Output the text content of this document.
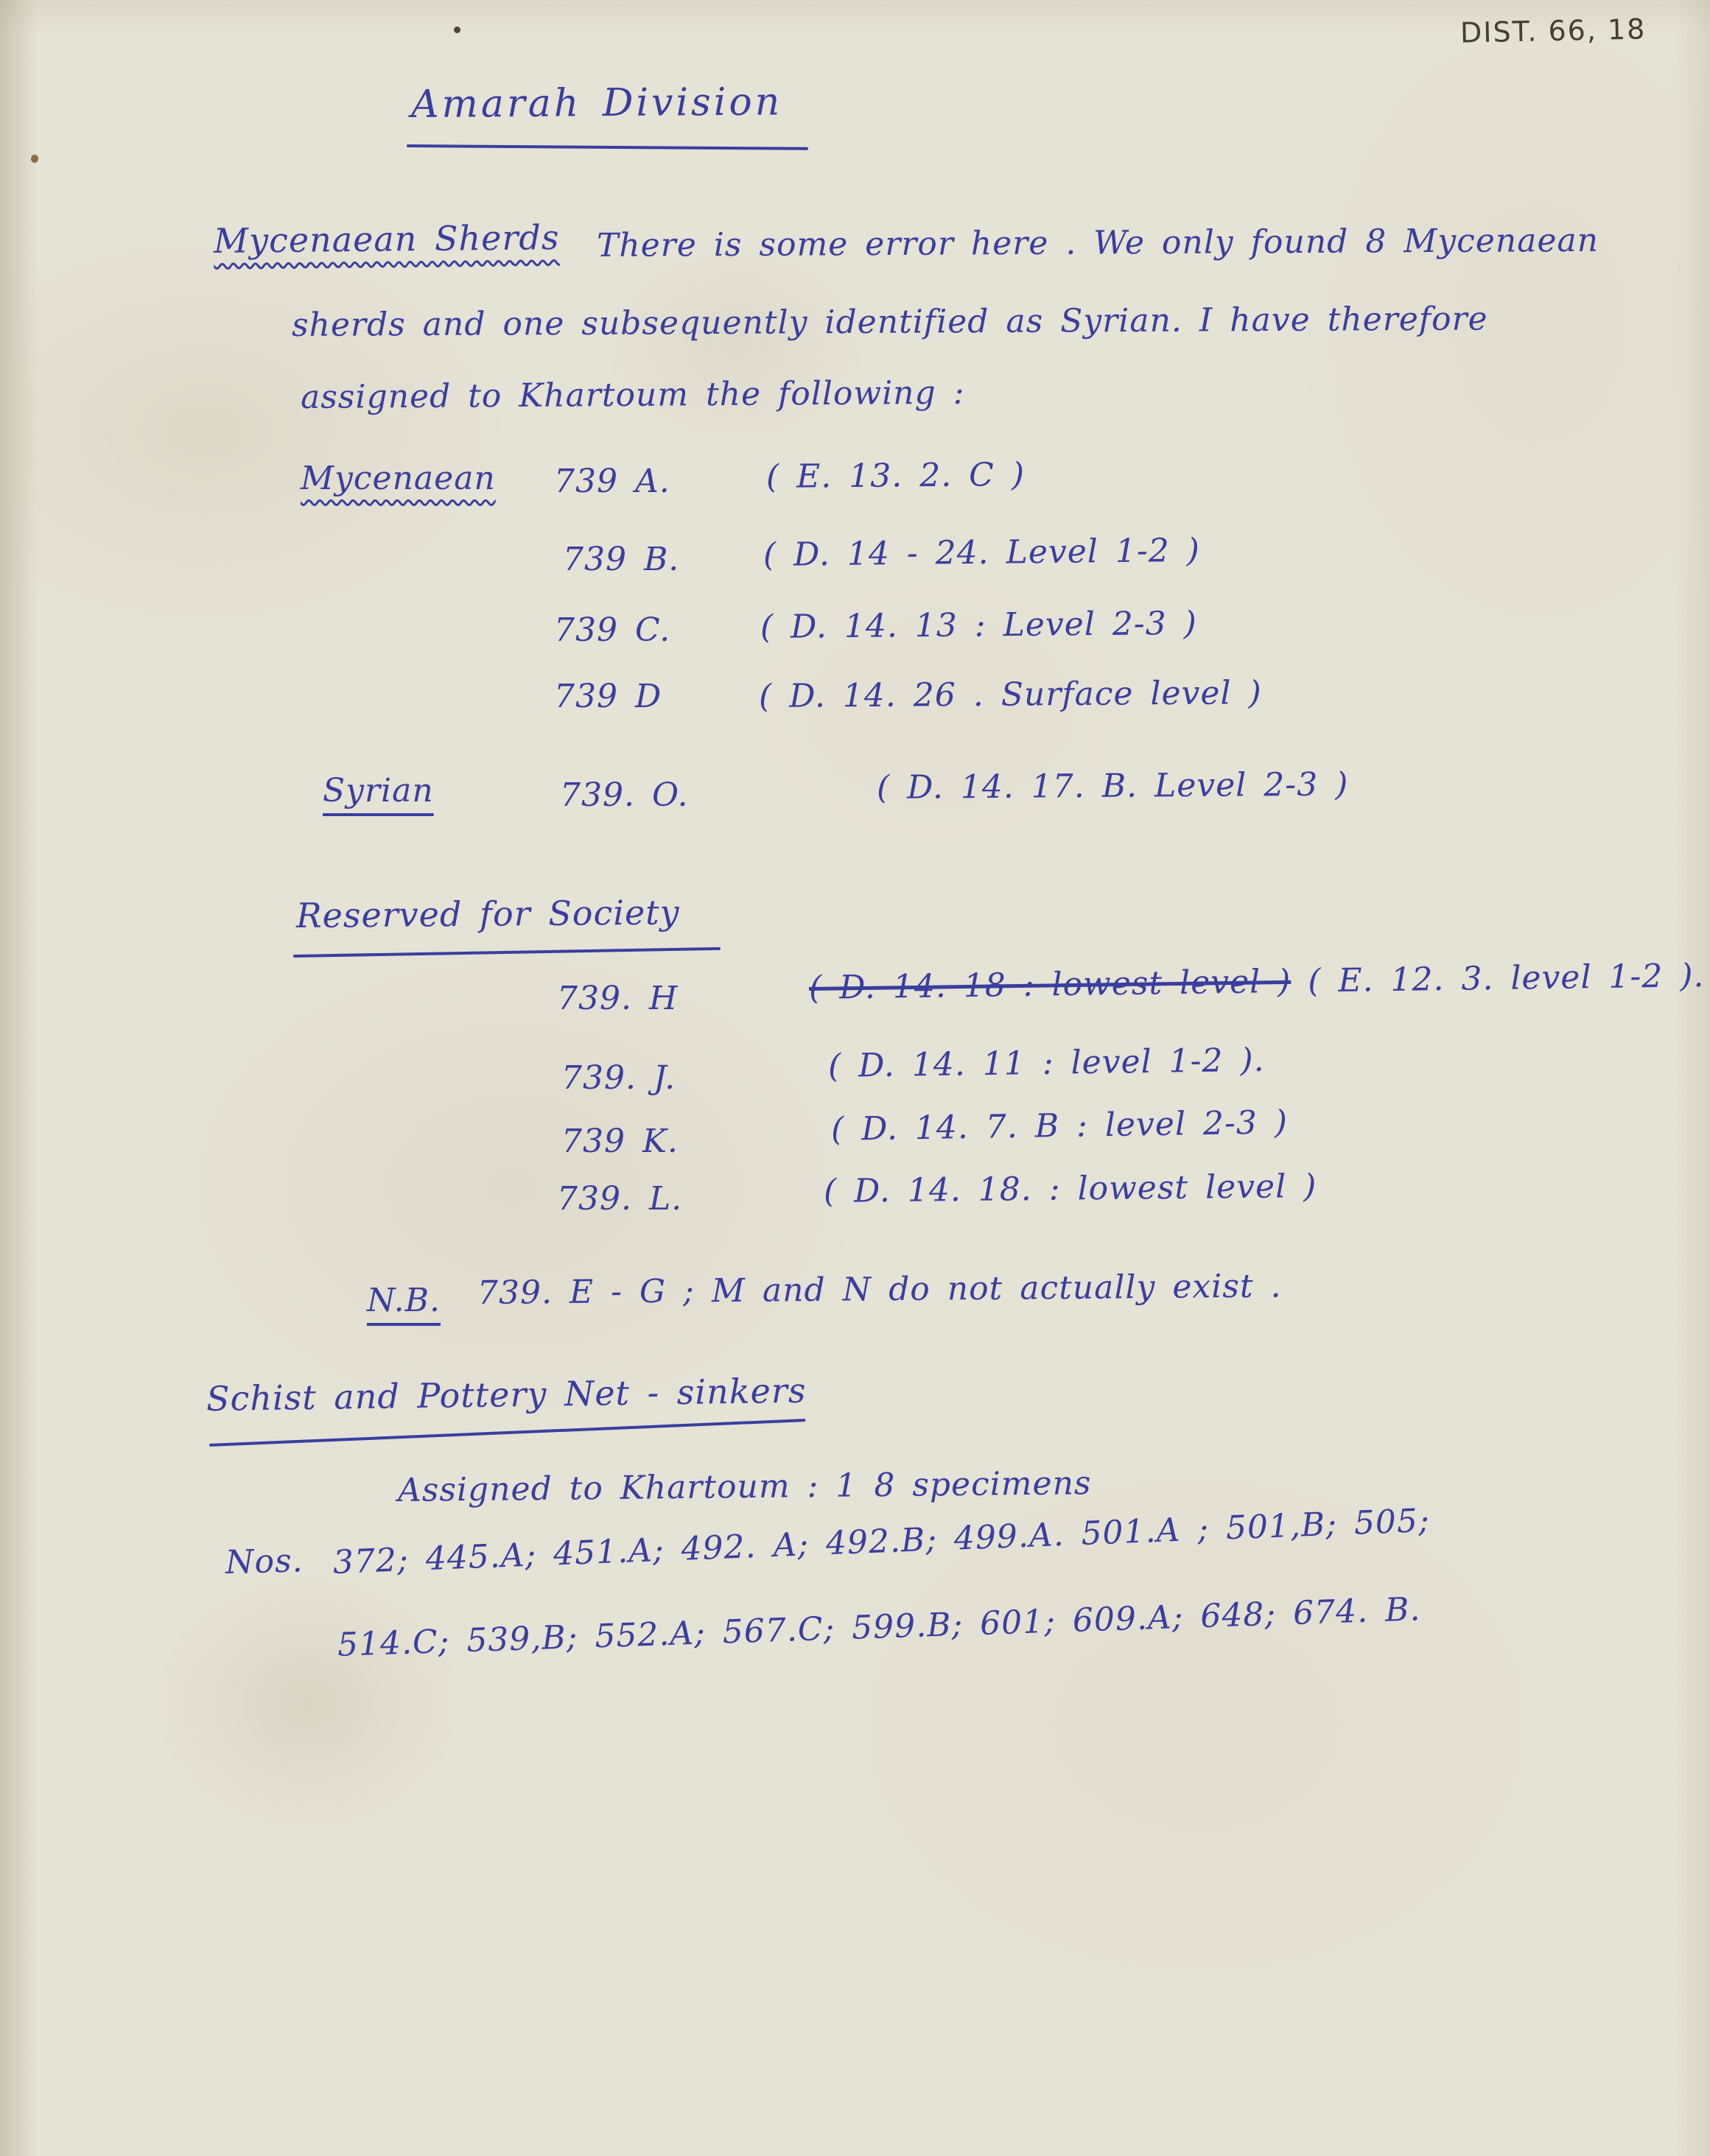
DIST. 66, 18
Amarah Division
Mycenaean Sherds There is some error here . We only found 8 Mycenaean
sherds and one subsequently identified as Syrian. I have therefore
assigned to Khartoum the following :
Mycenaean 739 A.	( E. 13. 2. C )
739 B.	( D. 14 - 24. Level 1-2 )
739 C.	( D. 14. 13 : Level 2-3 )
739 D	( D. 14. 26 . Surface level )
Syrian	739. O.	( D. 14. 17. B. Level 2-3 )
Reserved for Society
739. H	( D. 14. 18 : lowest level ) ( E. 12. 3. level 1-2 ).
739. J.	( D. 14. 11 : level 1-2 ).
739 K.	( D. 14. 7. B : level 2-3 )
739. L.	( D. 14. 18. : lowest level )
N.B. 739. E - G ; M and N do not actually exist .
Schist and Pottery Net - sinkers
Assigned to Khartoum : 1 8 specimens
Nos. 372; 445.A; 451.A; 492. A; 492.B; 499.A. 501.A ; 501,B; 505;
514.C; 539,B; 552.A; 567.C; 599.B; 601; 609.A; 648; 674. B.
